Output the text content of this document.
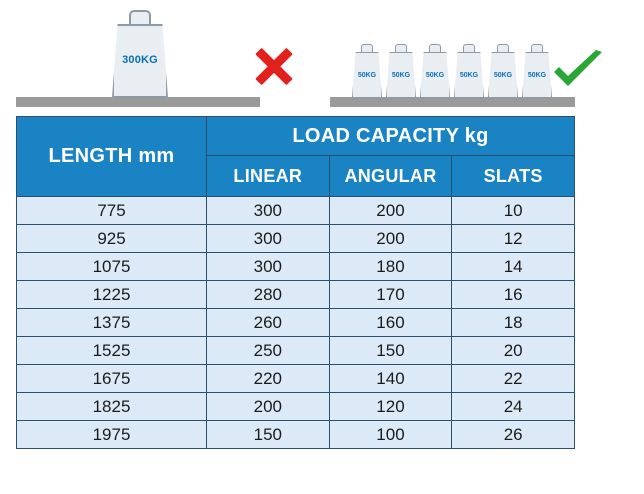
300KG
50KG	50KG	50KG	50KG	50KG	50KG
LENGTH mm	LOAD CAPACITY kg		
	LINEAR	ANGULAR	SLATS
775	300	200	10
925	300	200	12
1075	300	180	14
1225	280	170	16
1375	260	160	18
1525	250	150	20
1675	220	140	22
1825	200	120	24
1975	150	100	26
